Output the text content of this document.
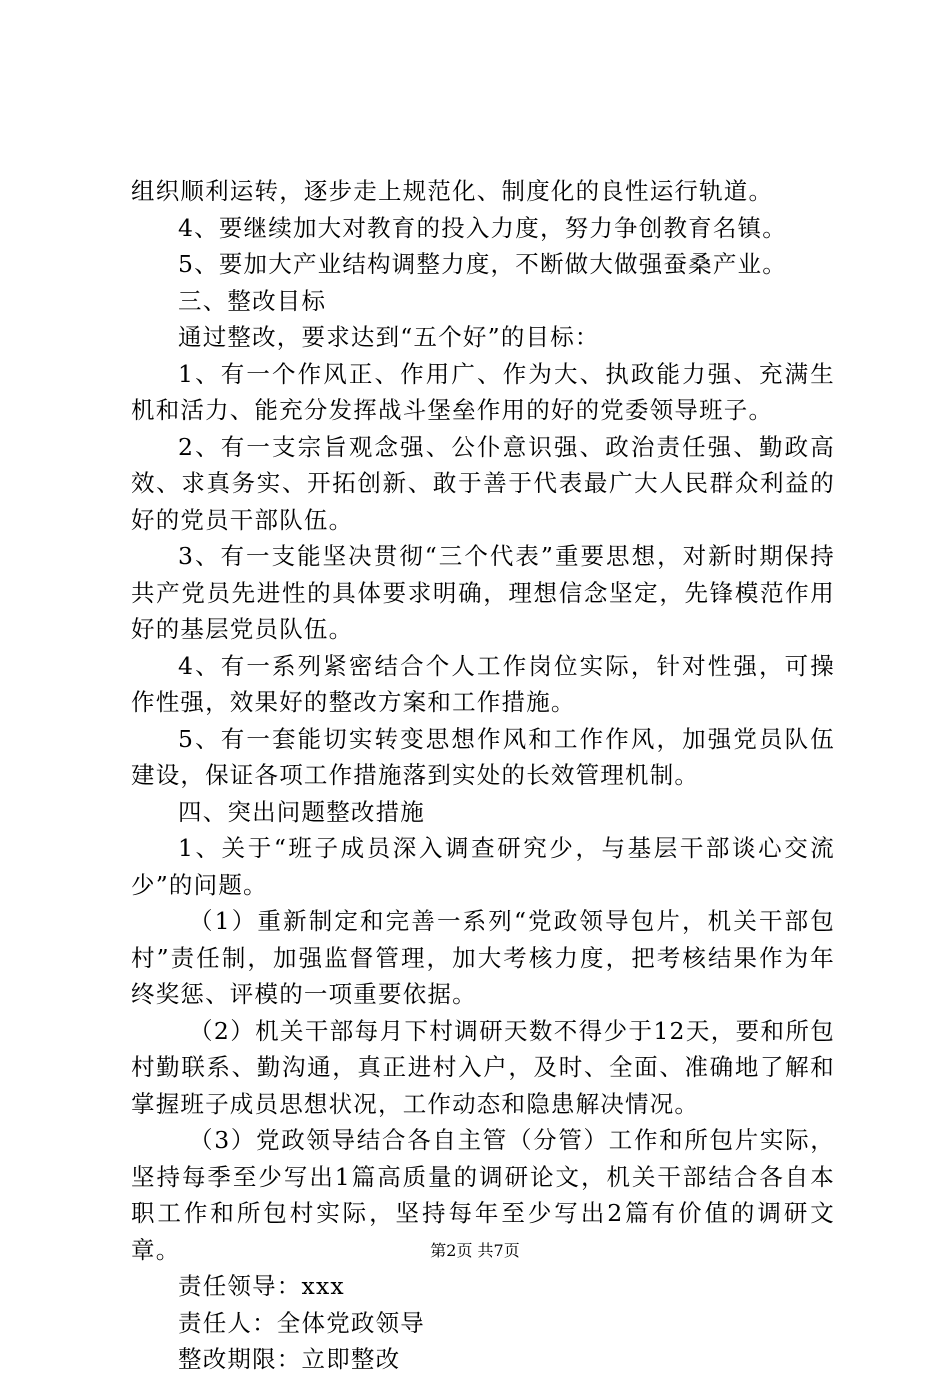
组织顺利运转，逐步走上规范化、制度化的良性运行轨道。

4、要继续加大对教育的投入力度，努力争创教育名镇。

5、要加大产业结构调整力度，不断做大做强蚕桑产业。

三、整改目标

通过整改，要求达到“五个好”的目标：

1、有一个作风正、作用广、作为大、执政能力强、充满生机和活力、能充分发挥战斗堡垒作用的好的党委领导班子。

2、有一支宗旨观念强、公仆意识强、政治责任强、勤政高效、求真务实、开拓创新、敢于善于代表最广大人民群众利益的好的党员干部队伍。

3、有一支能坚决贯彻“三个代表”重要思想，对新时期保持共产党员先进性的具体要求明确，理想信念坚定，先锋模范作用好的基层党员队伍。

4、有一系列紧密结合个人工作岗位实际，针对性强，可操作性强，效果好的整改方案和工作措施。

5、有一套能切实转变思想作风和工作作风，加强党员队伍建设，保证各项工作措施落到实处的长效管理机制。

四、突出问题整改措施

1、关于“班子成员深入调查研究少，与基层干部谈心交流少”的问题。

（1）重新制定和完善一系列“党政领导包片，机关干部包村”责任制，加强监督管理，加大考核力度，把考核结果作为年终奖惩、评模的一项重要依据。

（2）机关干部每月下村调研天数不得少于12天，要和所包村勤联系、勤沟通，真正进村入户，及时、全面、准确地了解和掌握班子成员思想状况，工作动态和隐患解决情况。

（3）党政领导结合各自主管（分管）工作和所包片实际，坚持每季至少写出1篇高质量的调研论文，机关干部结合各自本职工作和所包村实际，坚持每年至少写出2篇有价值的调研文章。

责任领导：xxx

责任人：全体党政领导

整改期限：立即整改

第2页 共7页
